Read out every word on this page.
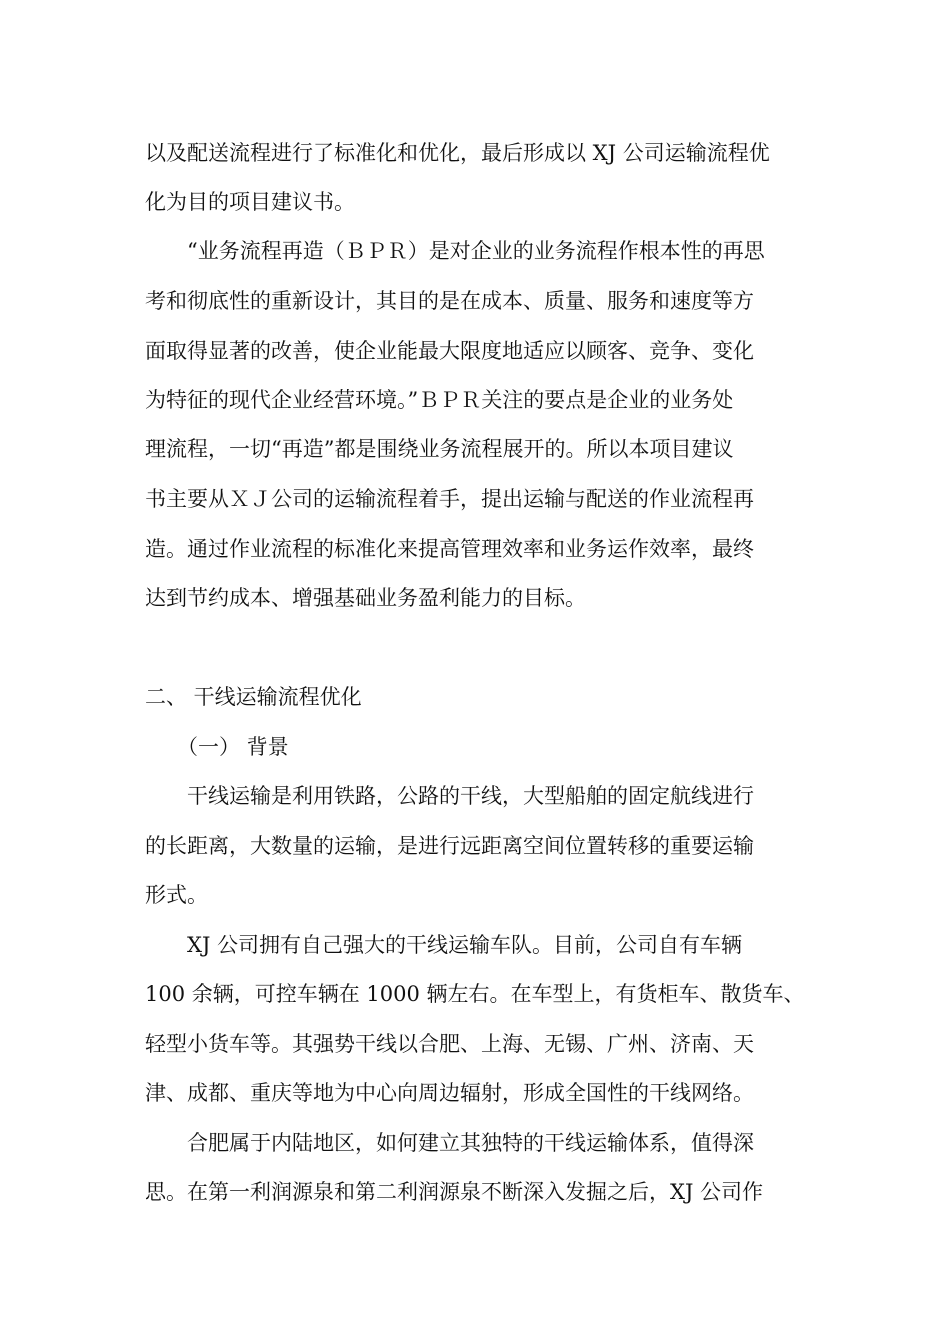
以及配送流程进行了标准化和优化，最后形成以 XJ 公司运输流程优
化为目的项目建议书。
“业务流程再造（ＢＰＲ）是对企业的业务流程作根本性的再思
考和彻底性的重新设计，其目的是在成本、质量、服务和速度等方
面取得显著的改善，使企业能最大限度地适应以顾客、竞争、变化
为特征的现代企业经营环境。”ＢＰＲ关注的要点是企业的业务处
理流程，一切“再造”都是围绕业务流程展开的。所以本项目建议
书主要从ＸＪ公司的运输流程着手，提出运输与配送的作业流程再
造。通过作业流程的标准化来提高管理效率和业务运作效率，最终
达到节约成本、增强基础业务盈利能力的目标。
二、 干线运输流程优化
（一） 背景
干线运输是利用铁路，公路的干线，大型船舶的固定航线进行
的长距离，大数量的运输，是进行远距离空间位置转移的重要运输
形式。
XJ 公司拥有自己强大的干线运输车队。目前，公司自有车辆
100 余辆，可控车辆在 1000 辆左右。在车型上，有货柜车、散货车、
轻型小货车等。其强势干线以合肥、上海、无锡、广州、济南、天
津、成都、重庆等地为中心向周边辐射，形成全国性的干线网络。
合肥属于内陆地区，如何建立其独特的干线运输体系，值得深
思。在第一利润源泉和第二利润源泉不断深入发掘之后，XJ 公司作
